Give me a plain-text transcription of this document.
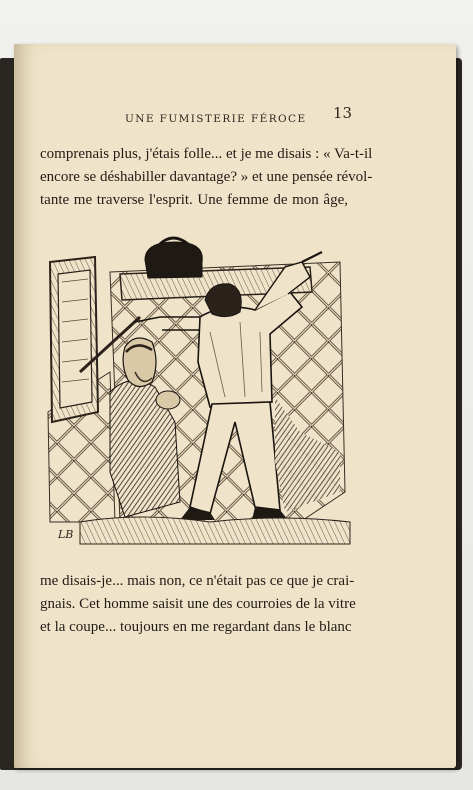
UNE FUMISTERIE FÉROCE 13
comprenais plus, j'étais folle... et je me disais : « Va-t-il
encore se déshabiller davantage? » et une pensée révol-
tante me traverse l'esprit. Une femme de mon âge,
LB
me disais-je... mais non, ce n'était pas ce que je crai-
gnais. Cet homme saisit une des courroies de la vitre
et la coupe... toujours en me regardant dans le blanc
